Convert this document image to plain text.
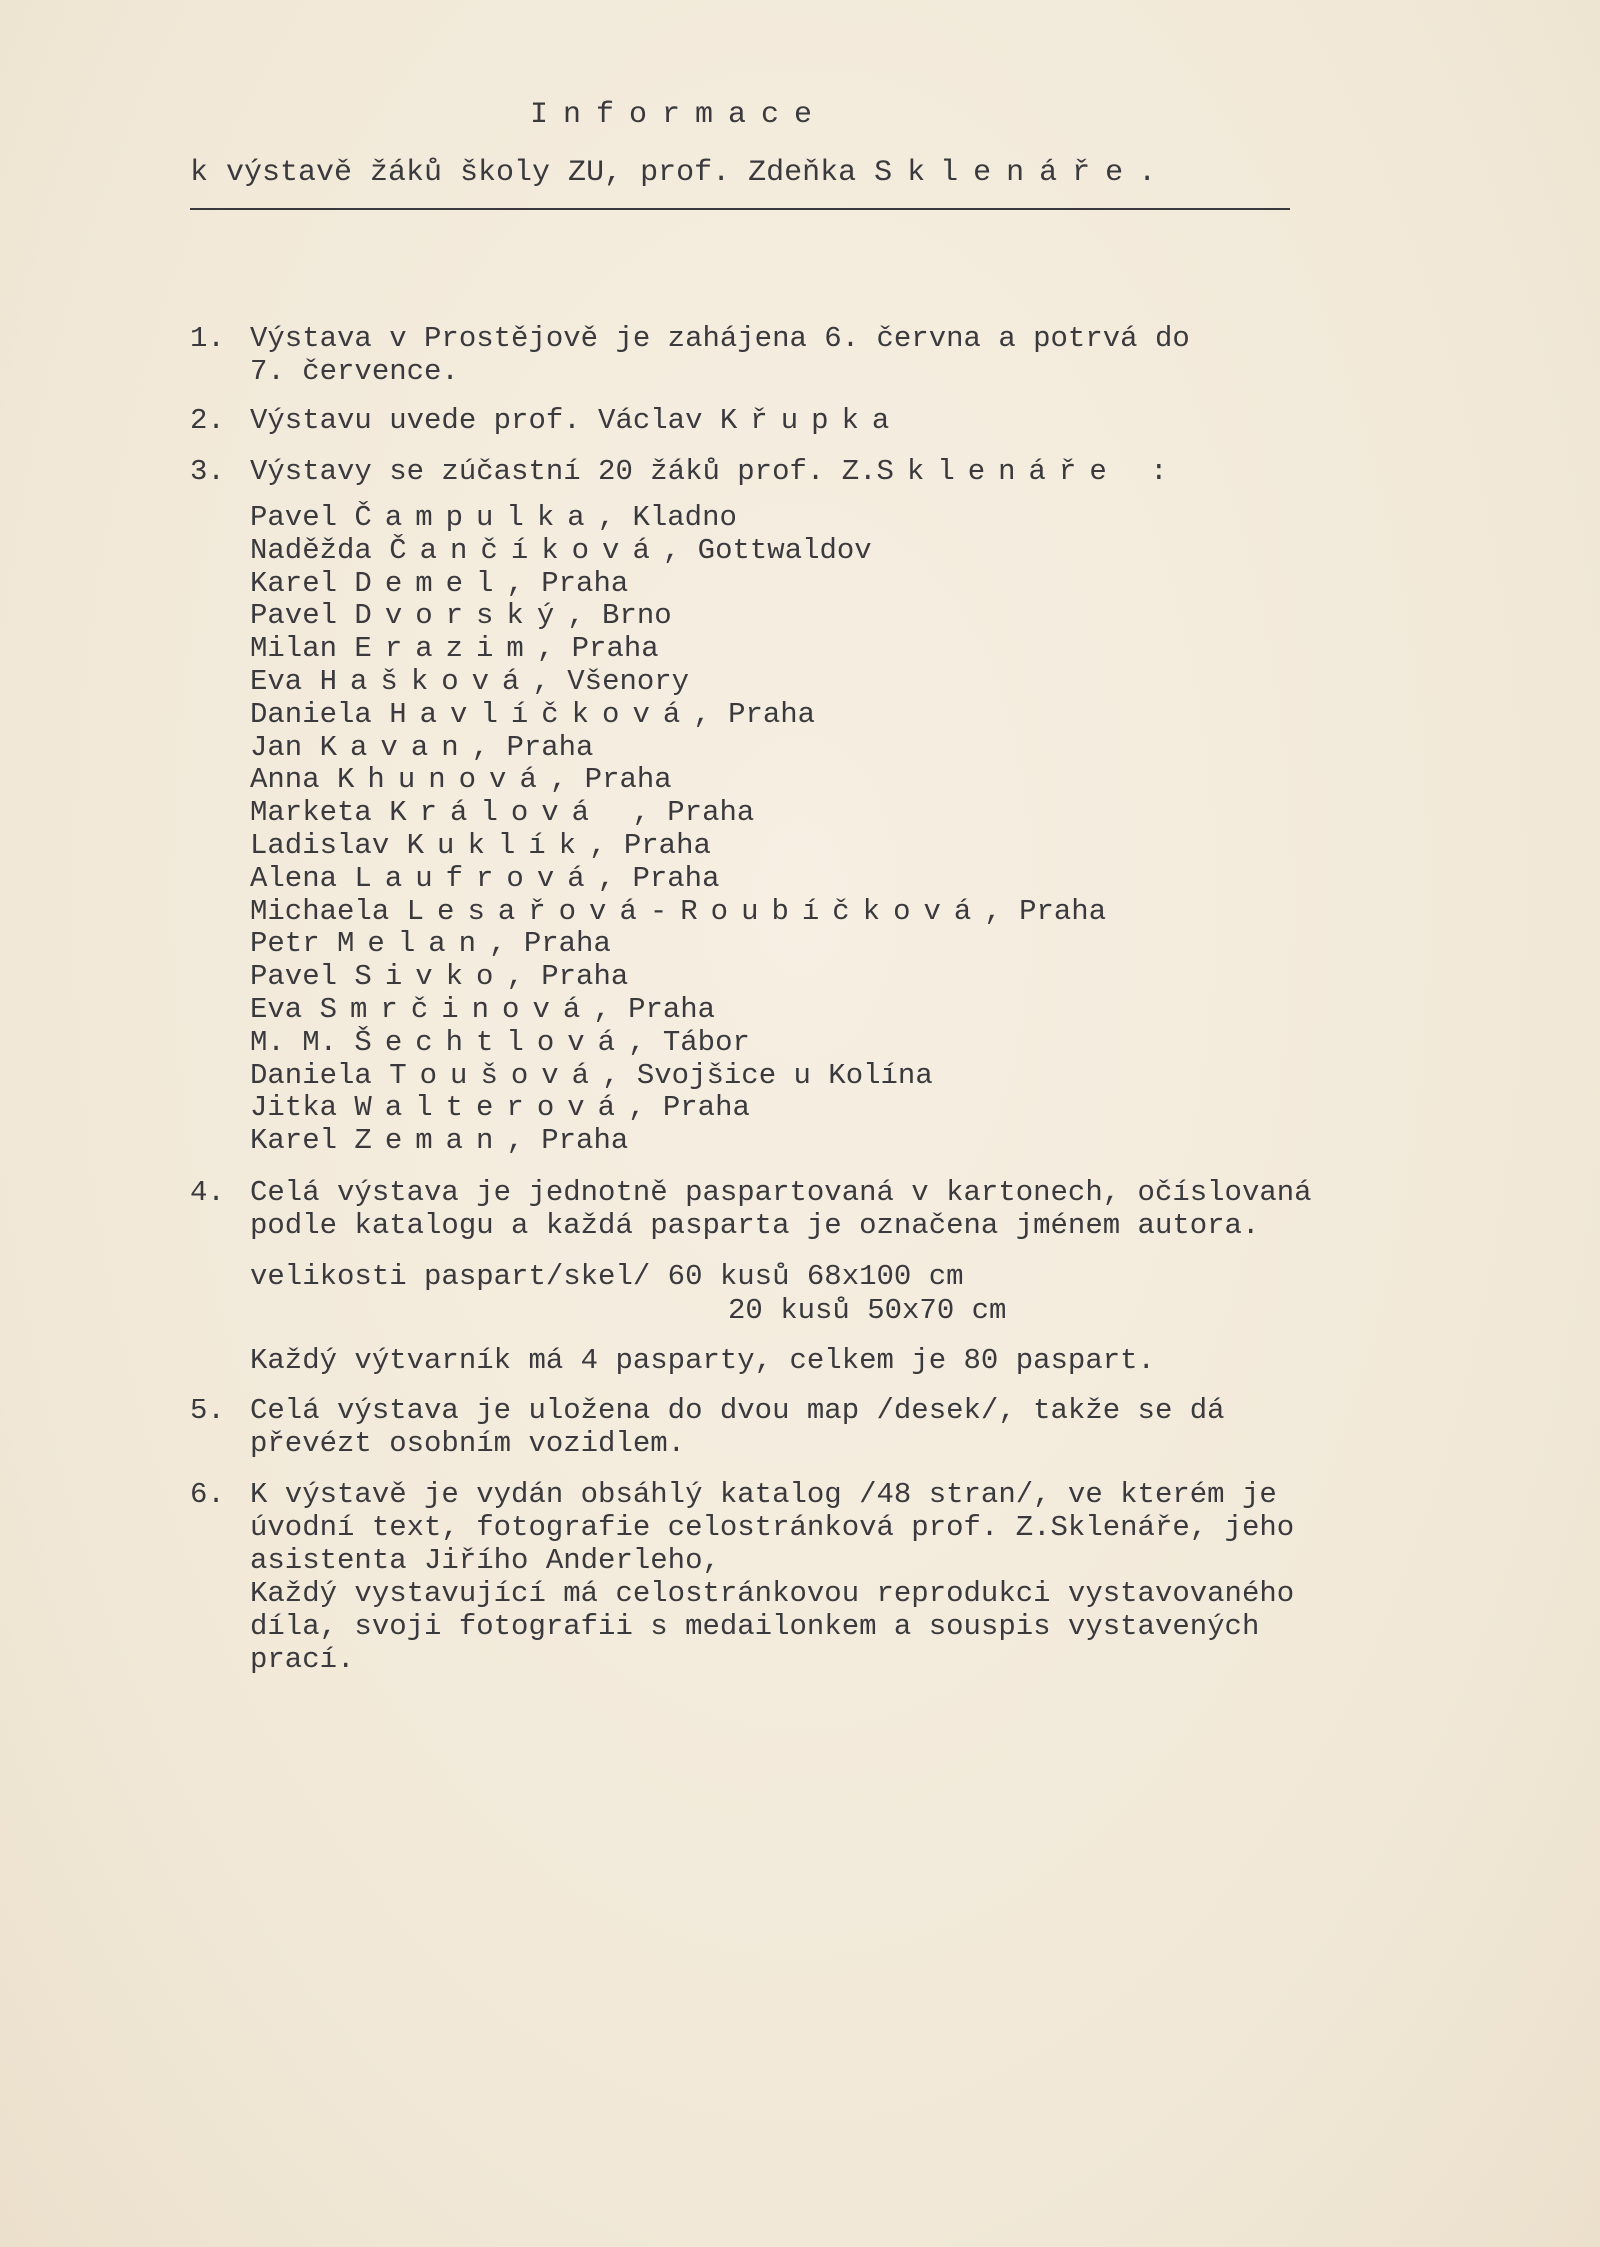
Informace
k výstavě žáků školy ZU, prof. Zdeňka Sklenáře.
1. Výstava v Prostějově je zahájena 6. června a potrvá do
7. července.
2. Výstavu uvede prof. Václav Křupka
3. Výstavy se zúčastní 20 žáků prof. Z.Sklenáře :
Pavel Čampulka, Kladno
Naděžda Čančíková, Gottwaldov
Karel Demel, Praha
Pavel Dvorský, Brno
Milan Erazim, Praha
Eva Hašková, Všenory
Daniela Havlíčková, Praha
Jan Kavan, Praha
Anna Khunová, Praha
Marketa Králová , Praha
Ladislav Kuklík, Praha
Alena Laufrová, Praha
Michaela Lesařová-Roubíčková, Praha
Petr Melan, Praha
Pavel Sivko, Praha
Eva Smrčinová, Praha
M. M. Šechtlová, Tábor
Daniela Toušová, Svojšice u Kolína
Jitka Walterová, Praha
Karel Zeman, Praha
4. Celá výstava je jednotně paspartovaná v kartonech, očíslovaná
podle katalogu a každá pasparta je označena jménem autora.
velikosti paspart/skel/ 60 kusů 68x100 cm
20 kusů 50x70 cm
Každý výtvarník má 4 pasparty, celkem je 80 paspart.
5. Celá výstava je uložena do dvou map /desek/, takže se dá
převézt osobním vozidlem.
6. K výstavě je vydán obsáhlý katalog /48 stran/, ve kterém je
úvodní text, fotografie celostránková prof. Z.Sklenáře, jeho
asistenta Jiřího Anderleho,
Každý vystavující má celostránkovou reprodukci vystavovaného
díla, svoji fotografii s medailonkem a souspis vystavených
prací.
